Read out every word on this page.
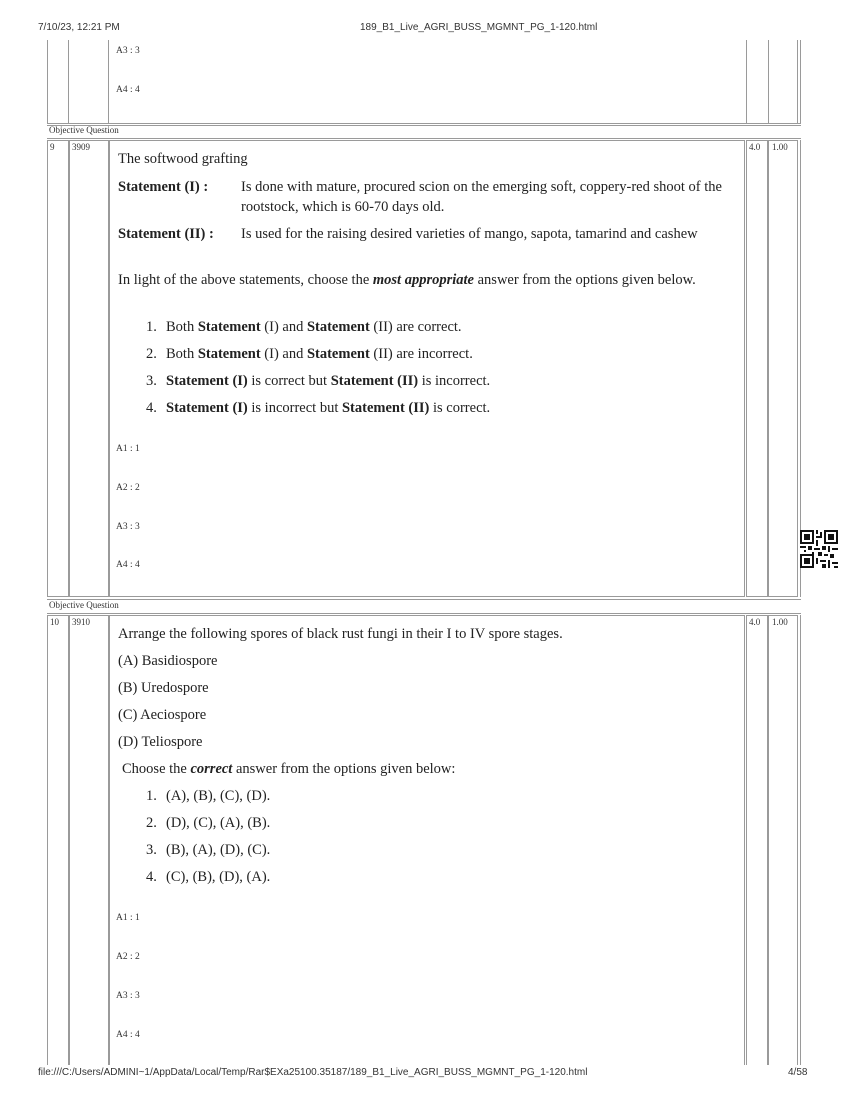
7/10/23, 12:21 PM	189_B1_Live_AGRI_BUSS_MGMNT_PG_1-120.html
A3 : 3
A4 : 4
Objective Question
9 3909	4.0 1.00
The softwood grafting
Statement (I) : Is done with mature, procured scion on the emerging soft, coppery-red shoot of the rootstock, which is 60-70 days old.
Statement (II) : Is used for the raising desired varieties of mango, sapota, tamarind and cashew
In light of the above statements, choose the most appropriate answer from the options given below.
1. Both Statement (I) and Statement (II) are correct.
2. Both Statement (I) and Statement (II) are incorrect.
3. Statement (I) is correct but Statement (II) is incorrect.
4. Statement (I) is incorrect but Statement (II) is correct.
A1 : 1
A2 : 2
A3 : 3
A4 : 4
Objective Question
10 3910	4.0 1.00
Arrange the following spores of black rust fungi in their I to IV spore stages.
(A) Basidiospore
(B) Uredospore
(C) Aeciospore
(D) Teliospore
Choose the correct answer from the options given below:
1. (A), (B), (C), (D).
2. (D), (C), (A), (B).
3. (B), (A), (D), (C).
4. (C), (B), (D), (A).
A1 : 1
A2 : 2
A3 : 3
A4 : 4
file:///C:/Users/ADMINI~1/AppData/Local/Temp/Rar$EXa25100.35187/189_B1_Live_AGRI_BUSS_MGMNT_PG_1-120.html	4/58
